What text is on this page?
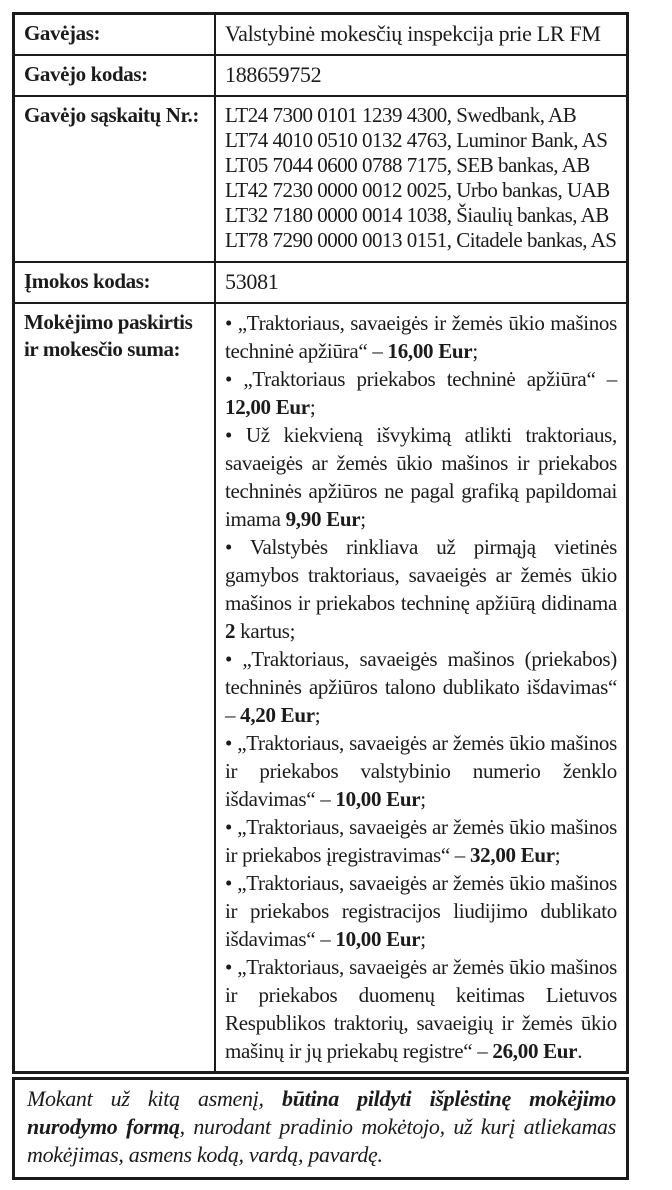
Gavėjas:	Valstybinė mokesčių inspekcija prie LR FM
Gavėjo kodas:	188659752
Gavėjo sąskaitų Nr.:	LT24 7300 0101 1239 4300, Swedbank, AB
LT74 4010 0510 0132 4763, Luminor Bank, AS
LT05 7044 0600 0788 7175, SEB bankas, AB
LT42 7230 0000 0012 0025, Urbo bankas, UAB
LT32 7180 0000 0014 1038, Šiaulių bankas, AB
LT78 7290 0000 0013 0151, Citadele bankas, AS
Įmokos kodas:	53081
Mokėjimo paskirtis ir mokesčio suma:

• „Traktoriaus, savaeigės ir žemės ūkio mašinos techninė apžiūra“ – 16,00 Eur;

• „Traktoriaus priekabos techninė apžiūra“ – 12,00 Eur;

• Už kiekvieną išvykimą atlikti traktoriaus, savaeigės ar žemės ūkio mašinos ir priekabos techninės apžiūros ne pagal grafiką papildomai imama 9,90 Eur;

• Valstybės rinkliava už pirmąją vietinės gamybos traktoriaus, savaeigės ar žemės ūkio mašinos ir priekabos techninę apžiūrą didinama 2 kartus;

• „Traktoriaus, savaeigės mašinos (priekabos) techninės apžiūros talono dublikato išdavimas“ – 4,20 Eur;

• „Traktoriaus, savaeigės ar žemės ūkio mašinos ir priekabos valstybinio numerio ženklo išdavimas“ – 10,00 Eur;

• „Traktoriaus, savaeigės ar žemės ūkio mašinos ir priekabos įregistravimas“ – 32,00 Eur;

• „Traktoriaus, savaeigės ar žemės ūkio mašinos ir priekabos registracijos liudijimo dublikato išdavimas“ – 10,00 Eur;

• „Traktoriaus, savaeigės ar žemės ūkio mašinos ir priekabos duomenų keitimas Lietuvos Respublikos traktorių, savaeigių ir žemės ūkio mašinų ir jų priekabų registre“ – 26,00 Eur.

Mokant už kitą asmenį, būtina pildyti išplėstinę mokėjimo nurodymo formą, nurodant pradinio mokėtojo, už kurį atliekamas mokėjimas, asmens kodą, vardą, pavardę.
